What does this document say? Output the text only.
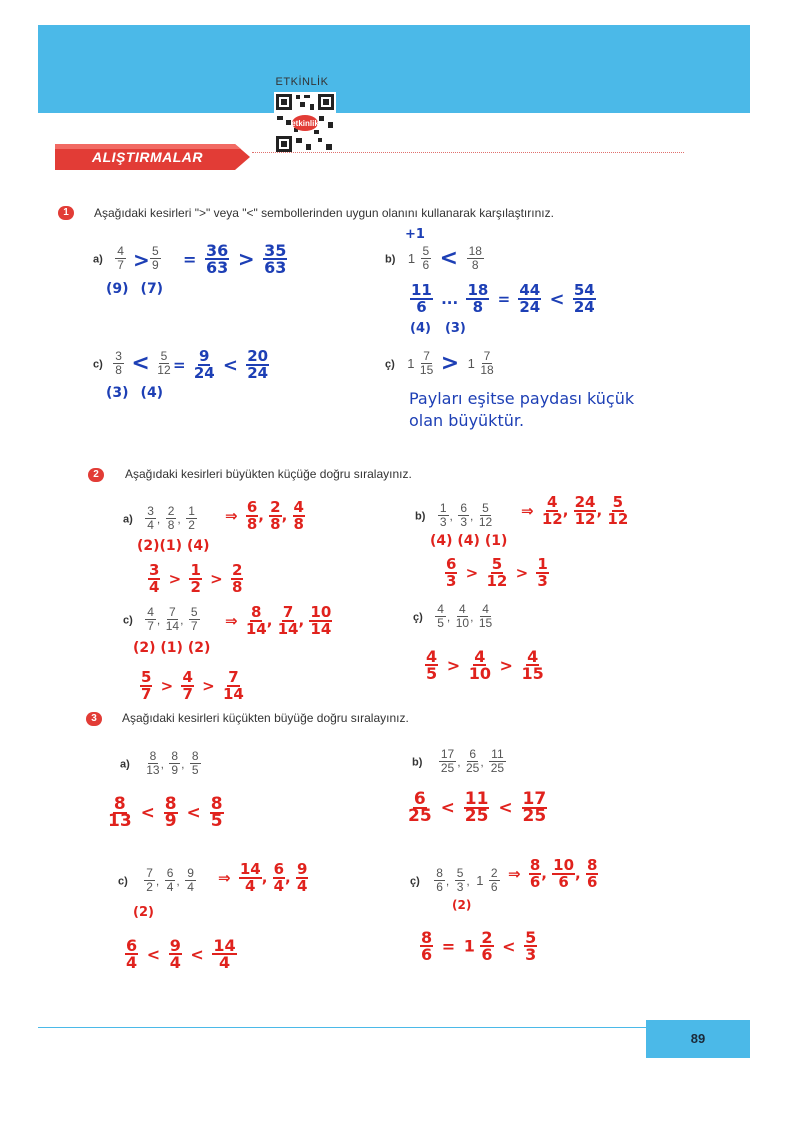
ETKİNLİK
etkinlik
ALIŞTIRMALAR
1	Aşağıdaki kesirleri ">" veya "<" sembollerinden uygun olanını kullanarak karşılaştırınız.
$a) \frac{4}{7} > \frac{5}{9} = \frac{36}{63} > \frac{35}{63}$
(9) (7)
+1
b) $1 \frac{5}{6} < \frac{18}{8}$
$\frac{11}{6}$ ... $\frac{18}{8} = \frac{44}{24} < \frac{54}{24}$
(4) (3)
$c) \frac{3}{8} < \frac{5}{12} = \frac{9}{24} < \frac{20}{24}$
(3) (4)
ç) $1 \frac{7}{15} > 1 \frac{7}{18}$
Payları eşitse paydası küçük
olan büyüktür.
2	Aşağıdaki kesirleri büyükten küçüğe doğru sıralayınız.
$a) \frac{3}{4}$ , $\frac{2}{8}$ , $\frac{1}{2}$ ⇒ $\frac{6}{8}$ , $\frac{2}{8}$ , $\frac{4}{8}$
(2)(1) (4)
$\frac{3}{4} > \frac{1}{2} > \frac{2}{8}$
$b) \frac{1}{3}$ , $\frac{6}{3}$ , $\frac{5}{12}$ ⇒ $\frac{4}{12}$ , $\frac{24}{12}$ , $\frac{5}{12}$
(4) (4) (1)
$\frac{6}{3} > \frac{5}{12} > \frac{1}{3}$
$c) \frac{4}{7}$ , $\frac{7}{14}$ , $\frac{5}{7}$ ⇒ $\frac{8}{14}$ , $\frac{7}{14}$ , $\frac{10}{14}$
(2) (1) (2)
$\frac{5}{7} > \frac{4}{7} > \frac{7}{14}$
ç) $\frac{4}{5}$ , $\frac{4}{10}$ , $\frac{4}{15}$
$\frac{4}{5} > \frac{4}{10} > \frac{4}{15}$
3	Aşağıdaki kesirleri küçükten büyüğe doğru sıralayınız.
$a) \frac{8}{13}$ , $\frac{8}{9}$ , $\frac{8}{5}$
$\frac{8}{13} < \frac{8}{9} < \frac{8}{5}$
$b) \frac{17}{25}$ , $\frac{6}{25}$ , $\frac{11}{25}$
$\frac{6}{25} < \frac{11}{25} < \frac{17}{25}$
$c) \frac{7}{2}$ , $\frac{6}{4}$ , $\frac{9}{4}$ ⇒ $\frac{14}{4}$ , $\frac{6}{4}$ , $\frac{9}{4}$
(2)
$\frac{6}{4} < \frac{9}{4} < \frac{14}{4}$
ç) $\frac{8}{6}$ , $\frac{5}{3}$ , $1 \frac{2}{6}$ ⇒ $\frac{8}{6}$ , $\frac{10}{6}$ , $\frac{8}{6}$
(2)
$\frac{8}{6} = 1 \frac{2}{6} < \frac{5}{3}$
89
